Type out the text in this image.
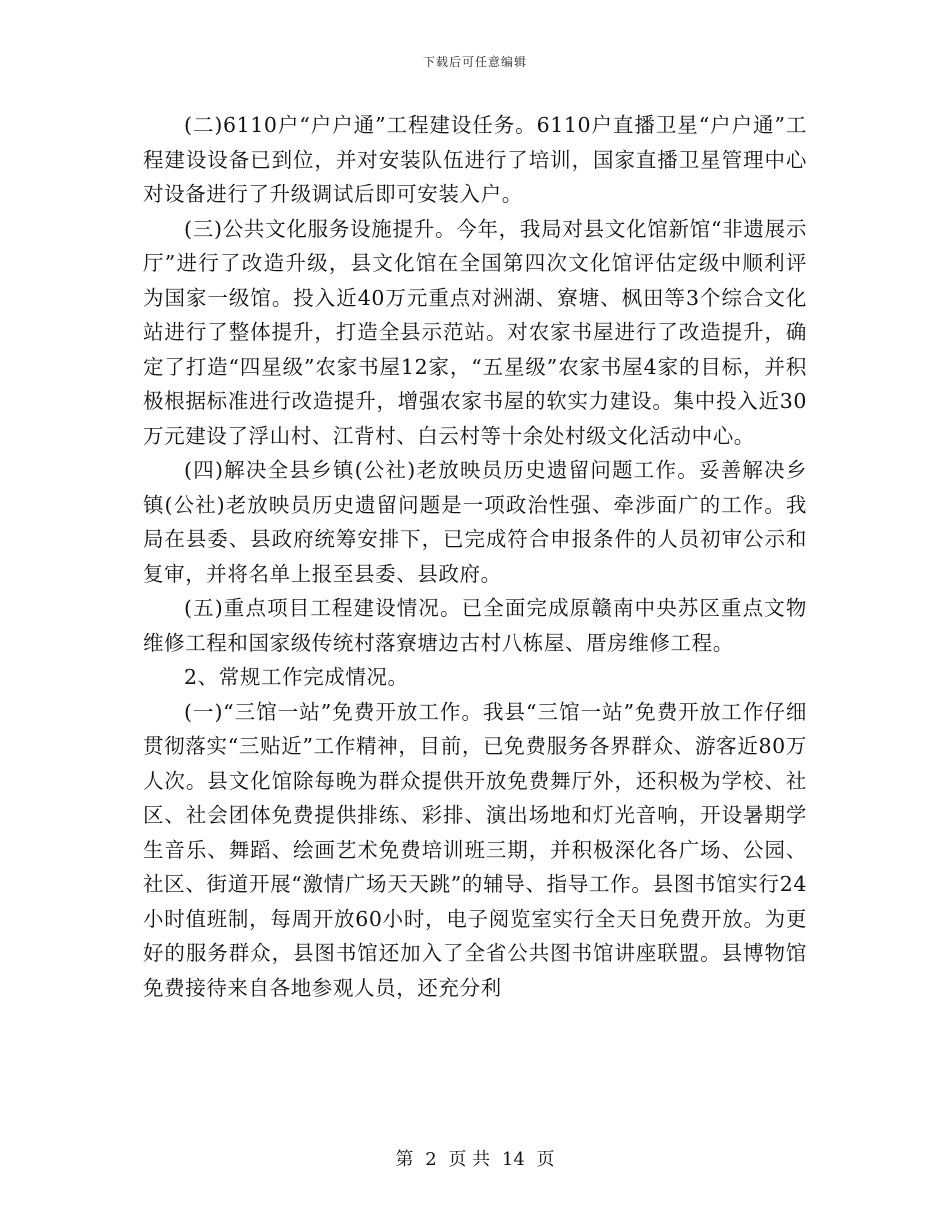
下载后可任意编辑

(二)6110户“户户通”工程建设任务。6110户直播卫星“户户通”工程建设设备已到位，并对安装队伍进行了培训，国家直播卫星管理中心对设备进行了升级调试后即可安装入户。

(三)公共文化服务设施提升。今年，我局对县文化馆新馆“非遗展示厅”进行了改造升级，县文化馆在全国第四次文化馆评估定级中顺利评为国家一级馆。投入近40万元重点对洲湖、寮塘、枫田等3个综合文化站进行了整体提升，打造全县示范站。对农家书屋进行了改造提升，确定了打造“四星级”农家书屋12家，“五星级”农家书屋4家的目标，并积极根据标准进行改造提升，增强农家书屋的软实力建设。集中投入近30万元建设了浮山村、江背村、白云村等十余处村级文化活动中心。

(四)解决全县乡镇(公社)老放映员历史遗留问题工作。妥善解决乡镇(公社)老放映员历史遗留问题是一项政治性强、牵涉面广的工作。我局在县委、县政府统筹安排下，已完成符合申报条件的人员初审公示和复审，并将名单上报至县委、县政府。

(五)重点项目工程建设情况。已全面完成原赣南中央苏区重点文物维修工程和国家级传统村落寮塘边古村八栋屋、厝房维修工程。

2、常规工作完成情况。

(一)“三馆一站”免费开放工作。我县“三馆一站”免费开放工作仔细贯彻落实“三贴近”工作精神，目前，已免费服务各界群众、游客近80万人次。县文化馆除每晚为群众提供开放免费舞厅外，还积极为学校、社区、社会团体免费提供排练、彩排、演出场地和灯光音响，开设暑期学生音乐、舞蹈、绘画艺术免费培训班三期，并积极深化各广场、公园、社区、街道开展“激情广场天天跳”的辅导、指导工作。县图书馆实行24 小时值班制，每周开放60小时，电子阅览室实行全天日免费开放。为更好的服务群众，县图书馆还加入了全省公共图书馆讲座联盟。县博物馆免费接待来自各地参观人员，还充分利

第 2 页 共 14 页
